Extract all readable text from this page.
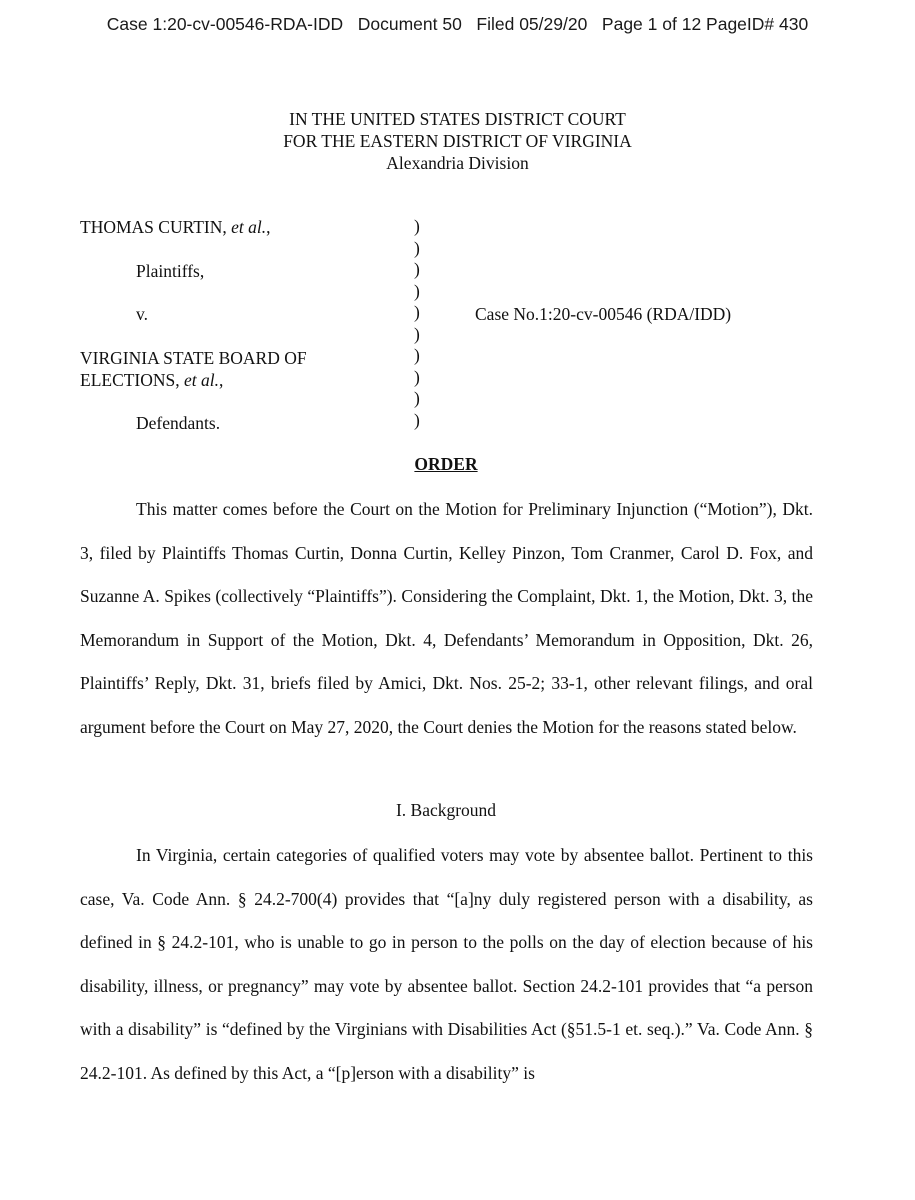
Case 1:20-cv-00546-RDA-IDD Document 50 Filed 05/29/20 Page 1 of 12 PageID# 430
IN THE UNITED STATES DISTRICT COURT
FOR THE EASTERN DISTRICT OF VIRGINIA
Alexandria Division
THOMAS CURTIN, et al.,
Plaintiffs,
v.
VIRGINIA STATE BOARD OF
ELECTIONS, et al.,
Defendants.
Case No.1:20-cv-00546 (RDA/IDD)
)
)
)
)
)
)
)
)
)
)
ORDER

This matter comes before the Court on the Motion for Preliminary Injunction (“Motion”), Dkt. 3, filed by Plaintiffs Thomas Curtin, Donna Curtin, Kelley Pinzon, Tom Cranmer, Carol D. Fox, and Suzanne A. Spikes (collectively “Plaintiffs”). Considering the Complaint, Dkt. 1, the Motion, Dkt. 3, the Memorandum in Support of the Motion, Dkt. 4, Defendants’ Memorandum in Opposition, Dkt. 26, Plaintiffs’ Reply, Dkt. 31, briefs filed by Amici, Dkt. Nos. 25-2; 33-1, other relevant filings, and oral argument before the Court on May 27, 2020, the Court denies the Motion for the reasons stated below.

I. Background

In Virginia, certain categories of qualified voters may vote by absentee ballot. Pertinent to this case, Va. Code Ann. § 24.2-700(4) provides that “[a]ny duly registered person with a disability, as defined in § 24.2-101, who is unable to go in person to the polls on the day of election because of his disability, illness, or pregnancy” may vote by absentee ballot. Section 24.2-101 provides that “a person with a disability” is “defined by the Virginians with Disabilities Act (§51.5-1 et. seq.).” Va. Code Ann. § 24.2-101. As defined by this Act, a “[p]erson with a disability” is
